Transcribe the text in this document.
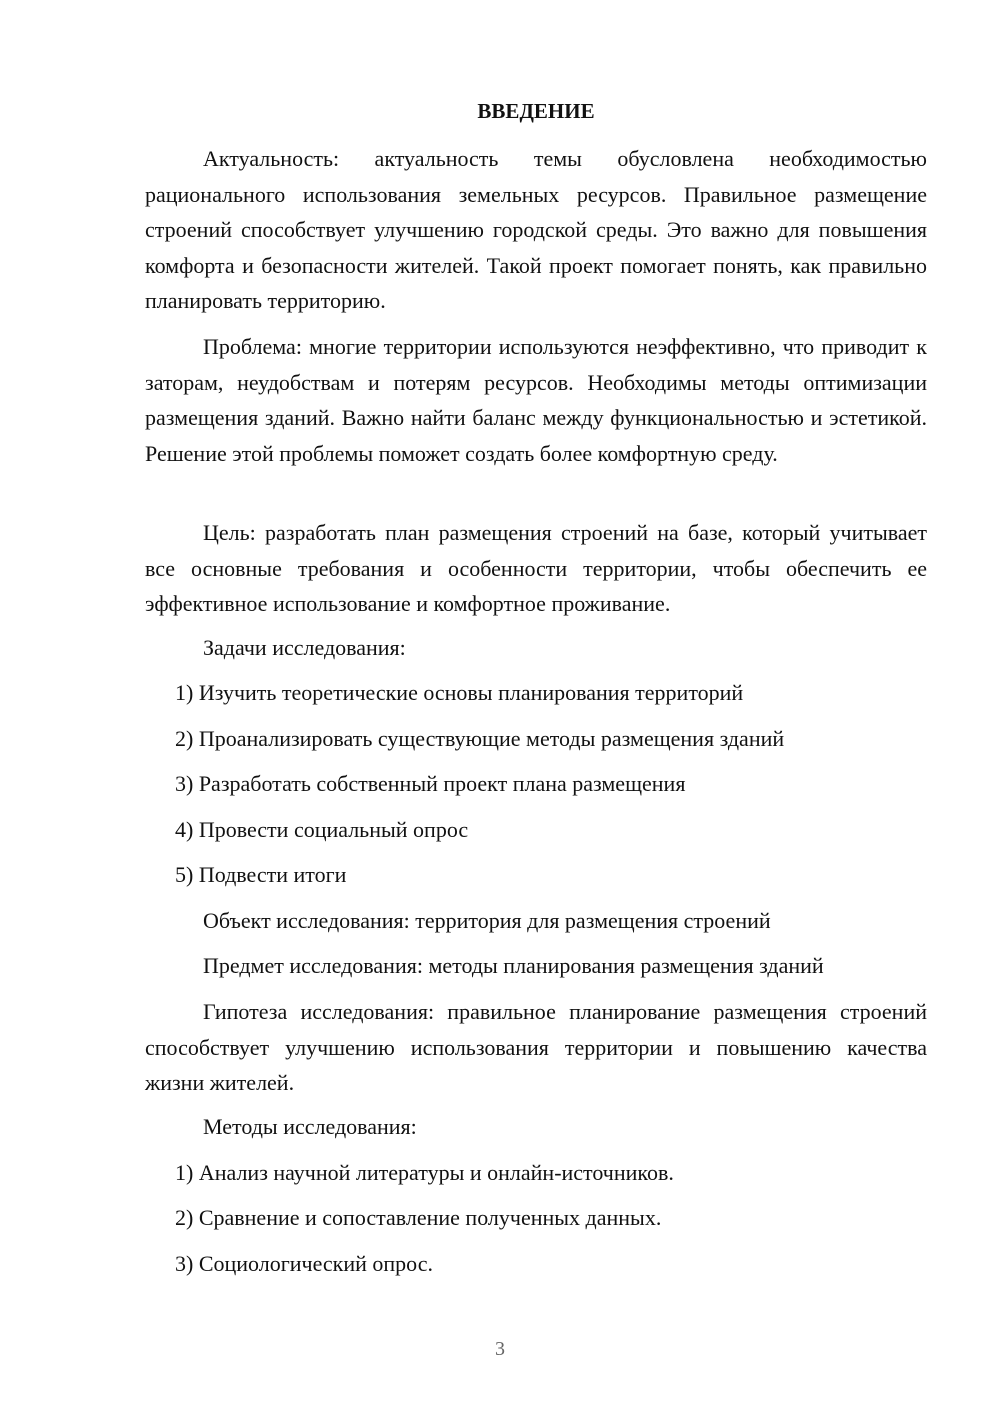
ВВЕДЕНИЕ

Актуальность: актуальность темы обусловлена необходимостью рационального использования земельных ресурсов. Правильное размещение строений способствует улучшению городской среды. Это важно для повышения комфорта и безопасности жителей. Такой проект помогает понять, как правильно планировать территорию.

Проблема: многие территории используются неэффективно, что приводит к заторам, неудобствам и потерям ресурсов. Необходимы методы оптимизации размещения зданий. Важно найти баланс между функциональностью и эстетикой. Решение этой проблемы поможет создать более комфортную среду.

Цель: разработать план размещения строений на базе, который учитывает все основные требования и особенности территории, чтобы обеспечить ее эффективное использование и комфортное проживание.

Задачи исследования:
1) Изучить теоретические основы планирования территорий
2) Проанализировать существующие методы размещения зданий
3) Разработать собственный проект плана размещения
4) Провести социальный опрос
5) Подвести итоги
Объект исследования: территория для размещения строений
Предмет исследования: методы планирования размещения зданий

Гипотеза исследования: правильное планирование размещения строений способствует улучшению использования территории и повышению качества жизни жителей.

Методы исследования:
1) Анализ научной литературы и онлайн-источников.
2) Сравнение и сопоставление полученных данных.
3) Социологический опрос.
3
